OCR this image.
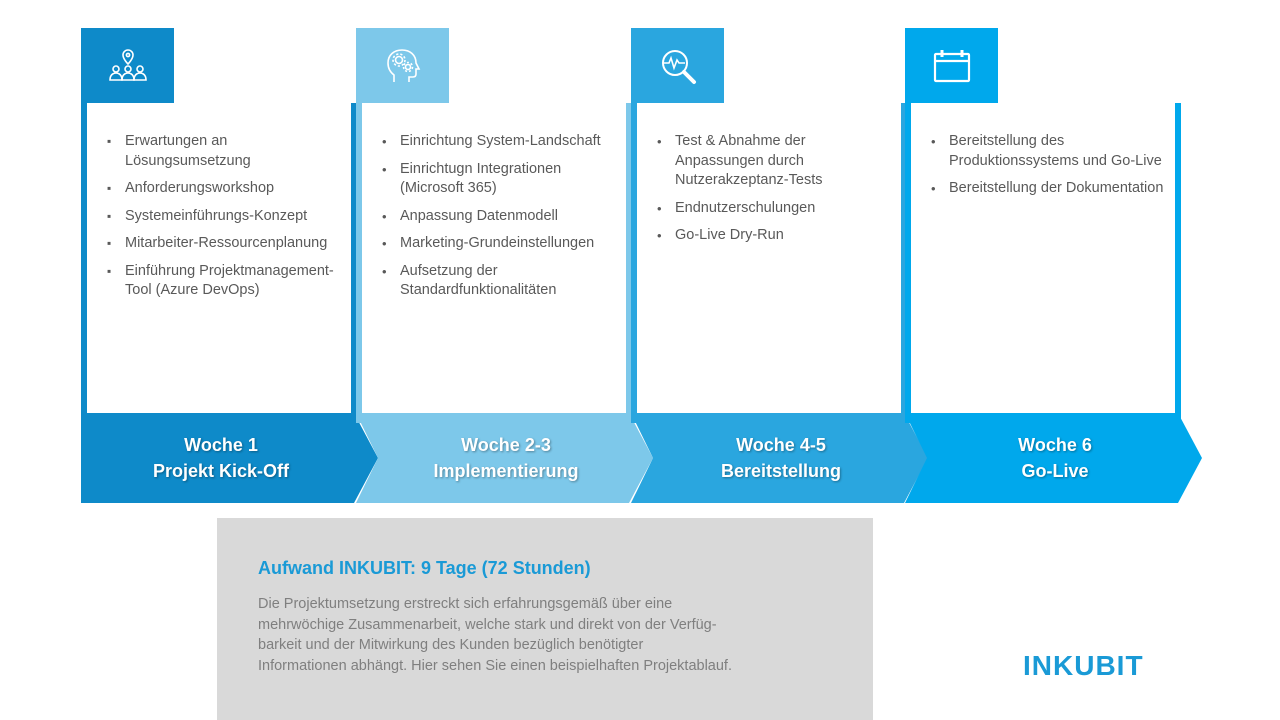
▪ Erwartungen an Lösungsumsetzung
▪ Anforderungsworkshop
▪ Systemeinführungs-Konzept
▪ Mitarbeiter-Ressourcenplanung
▪ Einführung Projektmanagement-Tool (Azure DevOps)
Woche 1
Projekt Kick-Off
• Einrichtung System-Landschaft
• Einrichtugn Integrationen (Microsoft 365)
• Anpassung Datenmodell
• Marketing-Grundeinstellungen
• Aufsetzung der Standardfunktionalitäten
Woche 2-3
Implementierung
• Test & Abnahme der Anpassungen durch Nutzerakzeptanz-Tests
• Endnutzerschulungen
• Go-Live Dry-Run
Woche 4-5
Bereitstellung
• Bereitstellung des Produktionssystems und Go-Live
• Bereitstellung der Dokumentation
Woche 6
Go-Live
Aufwand INKUBIT: 9 Tage (72 Stunden)
Die Projektumsetzung erstreckt sich erfahrungsgemäß über eine
mehrwöchige Zusammenarbeit, welche stark und direkt von der Verfüg-
barkeit und der Mitwirkung des Kunden bezüglich benötigter
Informationen abhängt. Hier sehen Sie einen beispielhaften Projektablauf.	INKUBIT
